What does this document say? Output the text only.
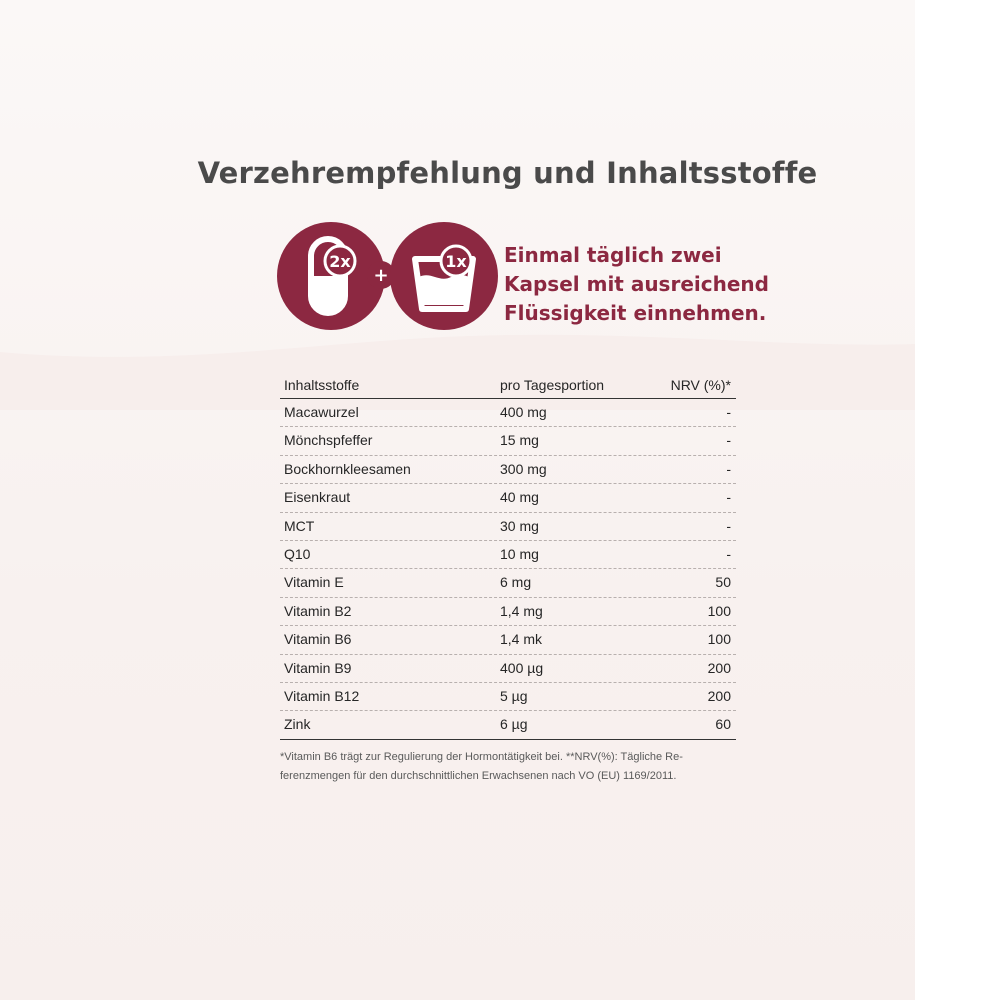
Verzehrempfehlung und Inhaltsstoffe
2x
+
1x Einmal täglich zwei
Kapsel mit ausreichend
Flüssigkeit einnehmen.
Inhaltsstoffe	pro Tagesportion	NRV (%)*
Macawurzel	400 mg	-
Mönchspfeffer	15 mg	-
Bockhornkleesamen	300 mg	-
Eisenkraut	40 mg	-
MCT	30 mg	-
Q10	10 mg	-
Vitamin E	6 mg	50
Vitamin B2	1,4 mg	100
Vitamin B6	1,4 mk	100
Vitamin B9	400 µg	200
Vitamin B12	5 µg	200
Zink	6 µg	60
*Vitamin B6 trägt zur Regulierung der Hormontätigkeit bei. **NRV(%): Tägliche Re-
ferenzmengen für den durchschnittlichen Erwachsenen nach VO (EU) 1169/2011.
